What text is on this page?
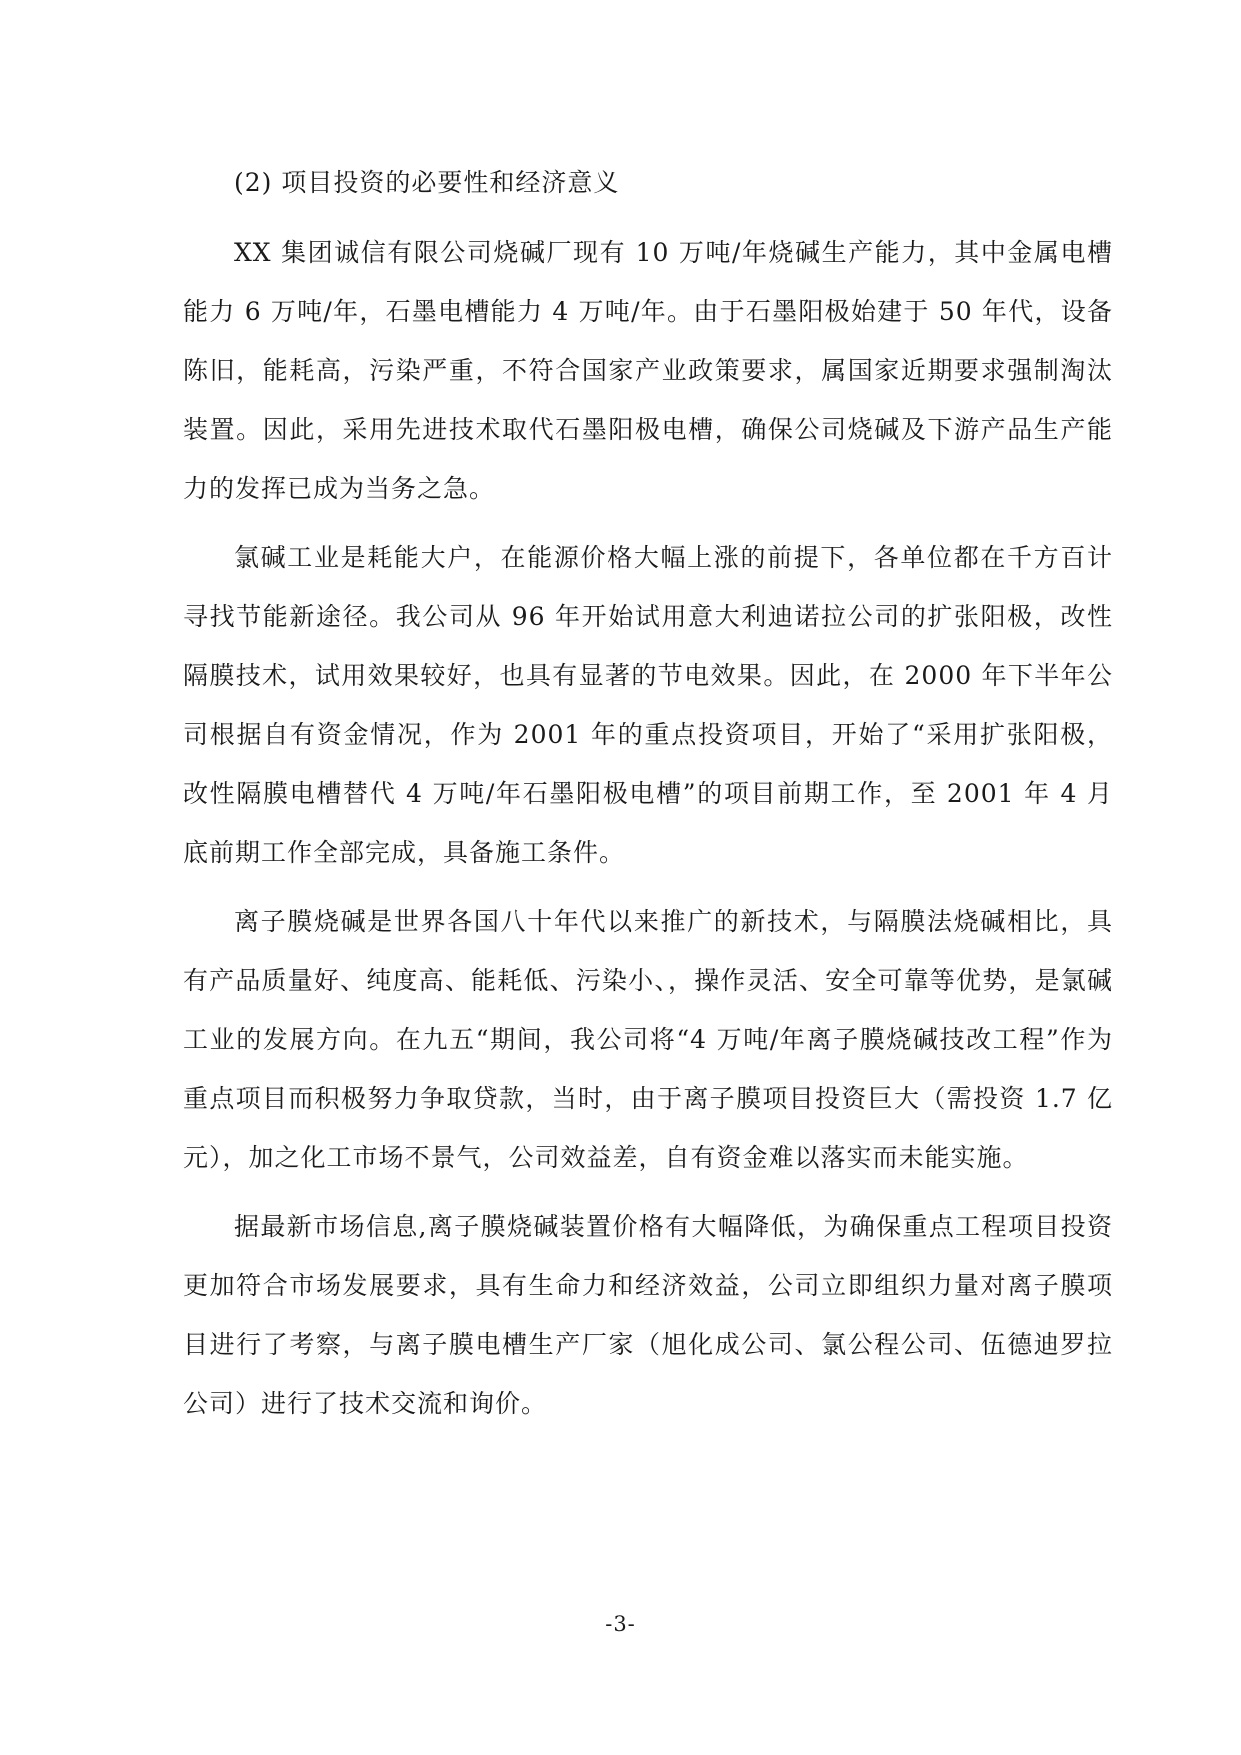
(2) 项目投资的必要性和经济意义

XX 集团诚信有限公司烧碱厂现有 10 万吨/年烧碱生产能力，其中金属电槽能力 6 万吨/年，石墨电槽能力 4 万吨/年。由于石墨阳极始建于 50 年代，设备陈旧，能耗高，污染严重，不符合国家产业政策要求，属国家近期要求强制淘汰装置。因此，采用先进技术取代石墨阳极电槽，确保公司烧碱及下游产品生产能力的发挥已成为当务之急。

氯碱工业是耗能大户，在能源价格大幅上涨的前提下，各单位都在千方百计寻找节能新途径。我公司从 96 年开始试用意大利迪诺拉公司的扩张阳极，改性隔膜技术，试用效果较好，也具有显著的节电效果。因此，在 2000 年下半年公司根据自有资金情况，作为 2001 年的重点投资项目，开始了“采用扩张阳极，改性隔膜电槽替代 4 万吨/年石墨阳极电槽”的项目前期工作，至 2001 年 4 月底前期工作全部完成，具备施工条件。

离子膜烧碱是世界各国八十年代以来推广的新技术，与隔膜法烧碱相比，具有产品质量好、纯度高、能耗低、污染小、，操作灵活、安全可靠等优势，是氯碱工业的发展方向。在九五“期间，我公司将“4 万吨/年离子膜烧碱技改工程”作为重点项目而积极努力争取贷款，当时，由于离子膜项目投资巨大（需投资 1.7 亿元），加之化工市场不景气，公司效益差，自有资金难以落实而未能实施。

据最新市场信息,离子膜烧碱装置价格有大幅降低，为确保重点工程项目投资更加符合市场发展要求，具有生命力和经济效益，公司立即组织力量对离子膜项目进行了考察，与离子膜电槽生产厂家（旭化成公司、氯公程公司、伍德迪罗拉公司）进行了技术交流和询价。

-3-
